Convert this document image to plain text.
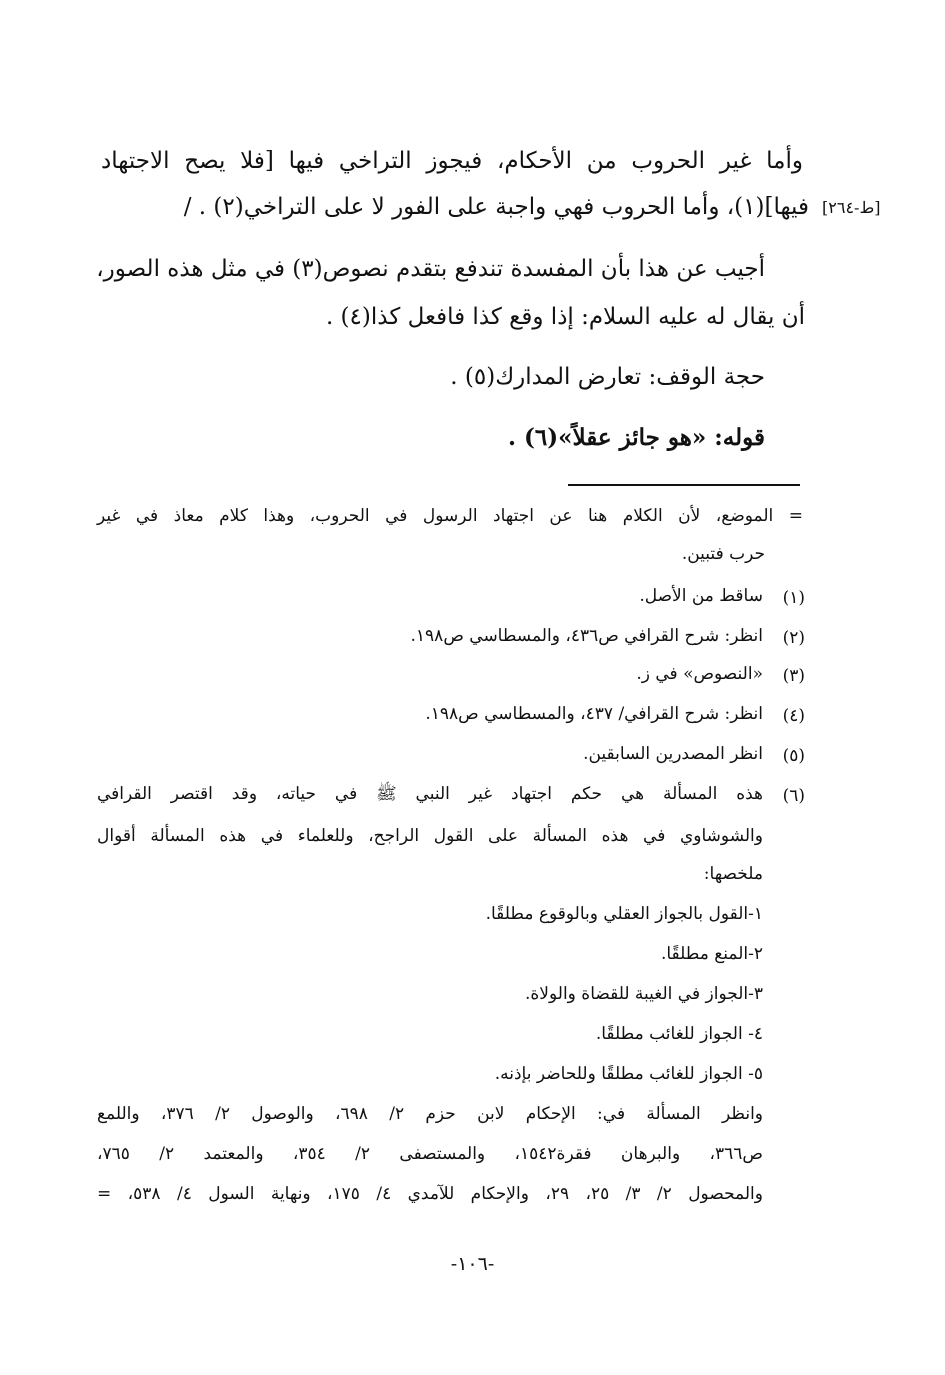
وأما غير الحروب من الأحكام، فيجوز التراخي فيها [فلا يصح الاجتهاد
[ط-٢٦٤]
فيها](١)، وأما الحروب فهي واجبة على الفور لا على التراخي(٢) . /
أجيب عن هذا بأن المفسدة تندفع بتقدم نصوص(٣) في مثل هذه الصور،
أن يقال له عليه السلام: إذا وقع كذا فافعل كذا(٤) .
حجة الوقف: تعارض المدارك(٥) .
قوله: «هو جائز عقلاً»(٦) .
= الموضع، لأن الكلام هنا عن اجتهاد الرسول في الحروب، وهذا كلام معاذ في غير
حرب فتبين.
(١)
ساقط من الأصل.
(٢)
انظر: شرح القرافي ص٤٣٦، والمسطاسي ص١٩٨.
(٣)
«النصوص» في ز.
(٤)
انظر: شرح القرافي/ ٤٣٧، والمسطاسي ص١٩٨.
(٥)
انظر المصدرين السابقين.
(٦)
هذه المسألة هي حكم اجتهاد غير النبي ﷺ في حياته، وقد اقتصر القرافي
والشوشاوي في هذه المسألة على القول الراجح، وللعلماء في هذه المسألة أقوال
ملخصها:
١-القول بالجواز العقلي وبالوقوع مطلقًا.
٢-المنع مطلقًا.
٣-الجواز في الغيبة للقضاة والولاة.
٤- الجواز للغائب مطلقًا.
٥- الجواز للغائب مطلقًا وللحاضر بإذنه.
وانظر المسألة في: الإحكام لابن حزم ٢/ ٦٩٨، والوصول ٢/ ٣٧٦، واللمع
ص٣٦٦، والبرهان فقرة١٥٤٢، والمستصفى ٢/ ٣٥٤، والمعتمد ٢/ ٧٦٥،
والمحصول ٢/ ٣/ ٢٥، ٢٩، والإحكام للآمدي ٤/ ١٧٥، ونهاية السول ٤/ ٥٣٨، =
-١٠٦-
